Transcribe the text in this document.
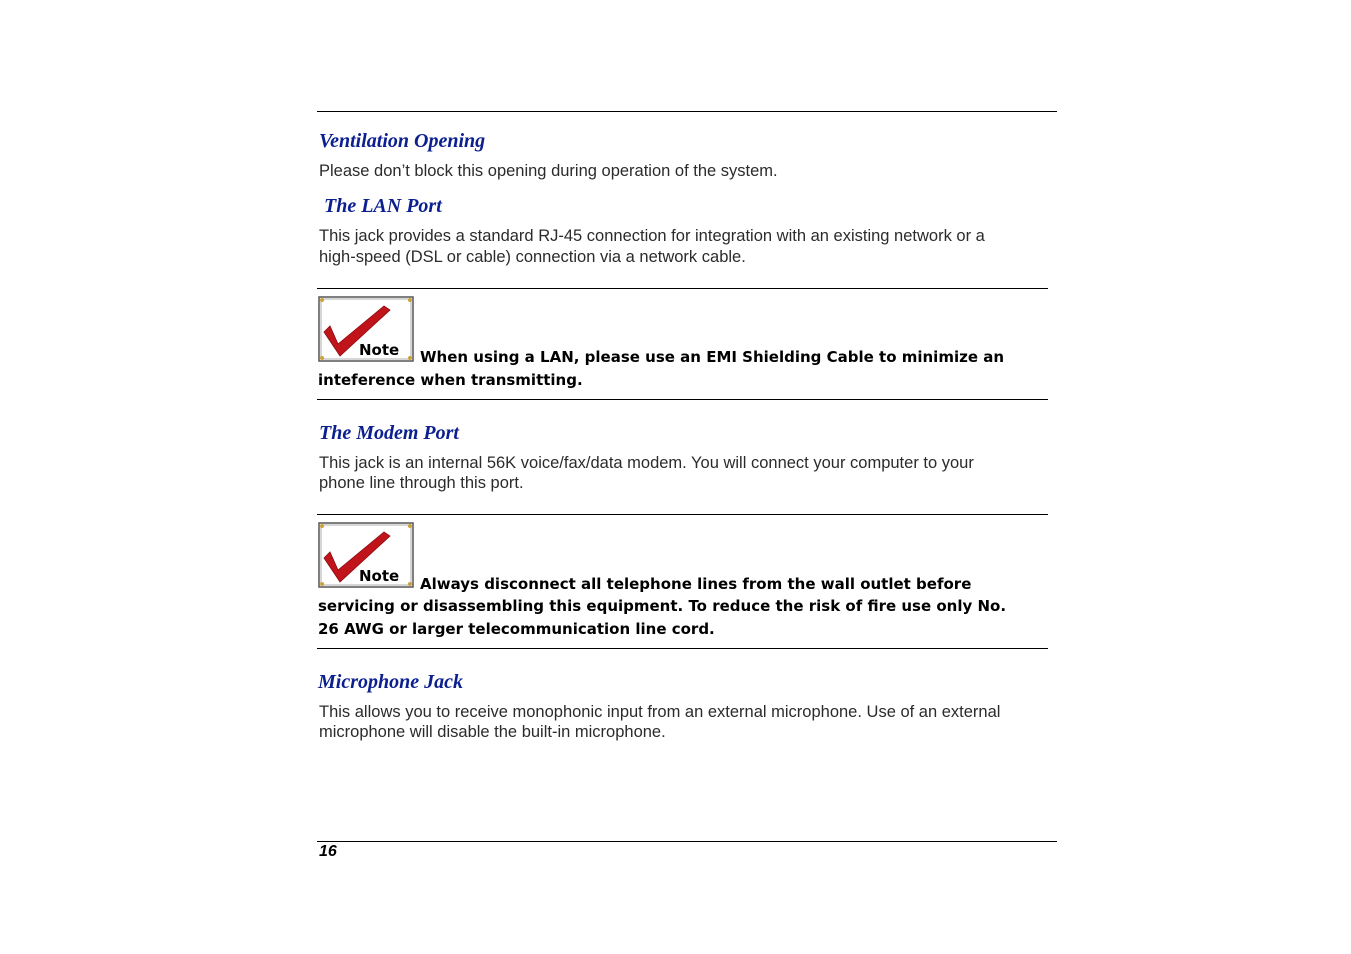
Ventilation Opening

Please don’t block this opening during operation of the system.

The LAN Port

This jack provides a standard RJ-45 connection for integration with an existing network or a

high-speed (DSL or cable) connection via a network cable.

Note When using a LAN, please use an EMI Shielding Cable to minimize an

inteference when transmitting.

The Modem Port

This jack is an internal 56K voice/fax/data modem. You will connect your computer to your

phone line through this port.

Note Always disconnect all telephone lines from the wall outlet before

servicing or disassembling this equipment. To reduce the risk of fire use only No.

26 AWG or larger telecommunication line cord.

Microphone Jack

This allows you to receive monophonic input from an external microphone. Use of an external

microphone will disable the built-in microphone.

16
